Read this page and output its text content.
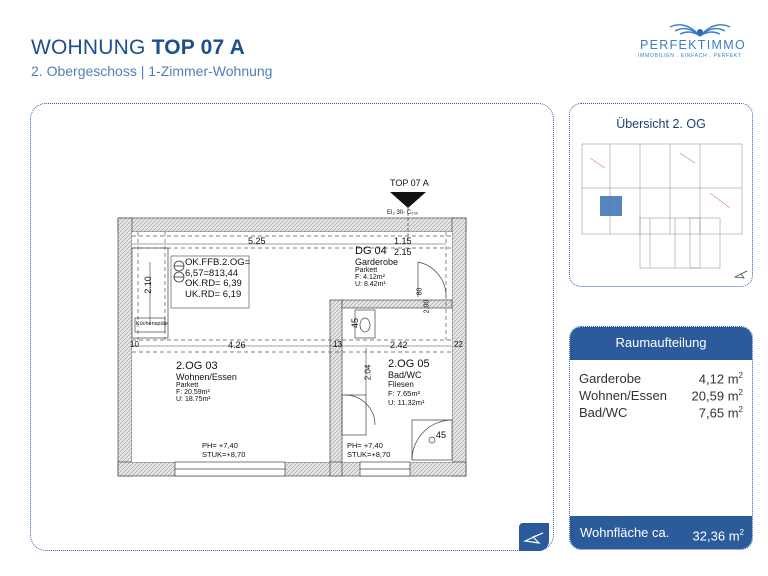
WOHNUNG TOP 07 A
2. Obergeschoss | 1-Zimmer-Wohnung
PERFEKTIMMO
IMMOBILIEN . EINFACH . PERFEKT
TOP 07 A
El₃ 30- C₂₀₀
5.25	1.15
2.15
2.10	80
2.00
Küchenspüle
OK.FFB.2.OG=
6,57=813,44
OK.RD= 6,39
UK.RD= 6,19
DG 04
Garderobe
Parkett
F: 4.12m²
U: 8.42m¹
10	4.26	13	2.42	22
45
2.04
45
2.OG 03
Wohnen/Essen
Parkett
F: 20.59m²
U: 18.75m¹
PH= +7,40
STUK=+8,70
2.OG 05
Bad/WC
Fliesen
F: 7.65m²
U: 11.32m¹
PH= +7,40
STUK=+8,70
Übersicht 2. OG
Raumaufteilung
Garderobe	4,12 $m^2$
Wohnen/Essen 20,59 $m^2$
Bad/WC	7,65 $m^2$
Wohnfläche ca. 32,36 $m^2$
